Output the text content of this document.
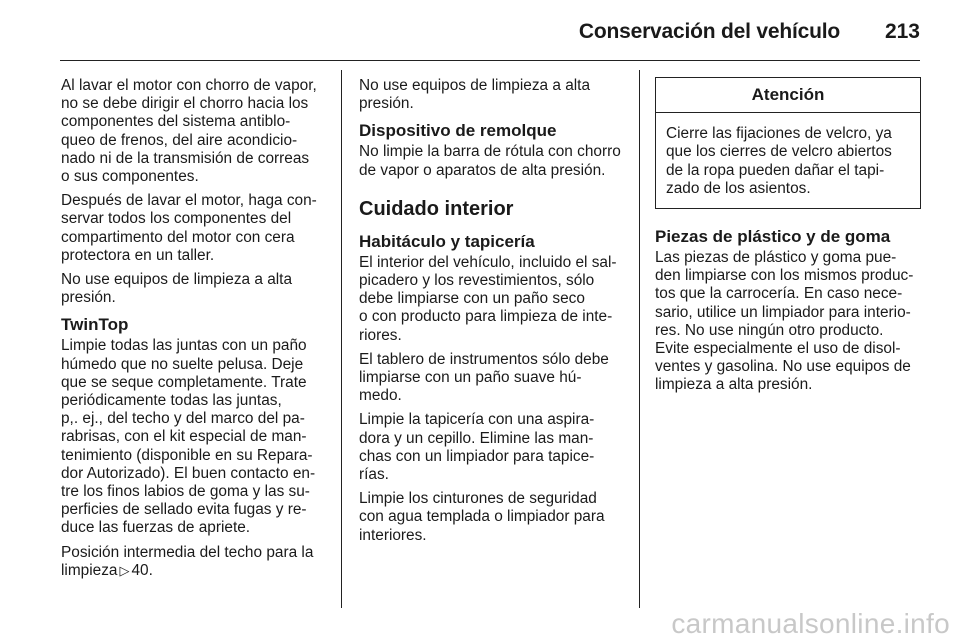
Conservación del vehículo 213

Al lavar el motor con chorro de vapor,
no se debe dirigir el chorro hacia los
componentes del sistema antiblo-
queo de frenos, del aire acondicio-
nado ni de la transmisión de correas
o sus componentes.

Después de lavar el motor, haga con-
servar todos los componentes del
compartimento del motor con cera
protectora en un taller.

No use equipos de limpieza a alta
presión.

TwinTop

Limpie todas las juntas con un paño
húmedo que no suelte pelusa. Deje
que se seque completamente. Trate
periódicamente todas las juntas,
p,. ej., del techo y del marco del pa-
rabrisas, con el kit especial de man-
tenimiento (disponible en su Repara-
dor Autorizado). El buen contacto en-
tre los finos labios de goma y las su-
perficies de sellado evita fugas y re-
duce las fuerzas de apriete.

Posición intermedia del techo para la
limpieza ▷ 40.

No use equipos de limpieza a alta
presión.

Dispositivo de remolque

No limpie la barra de rótula con chorro
de vapor o aparatos de alta presión.

Cuidado interior
Habitáculo y tapicería

El interior del vehículo, incluido el sal-
picadero y los revestimientos, sólo
debe limpiarse con un paño seco
o con producto para limpieza de inte-
riores.

El tablero de instrumentos sólo debe
limpiarse con un paño suave hú-
medo.

Limpie la tapicería con una aspira-
dora y un cepillo. Elimine las man-
chas con un limpiador para tapice-
rías.

Limpie los cinturones de seguridad
con agua templada o limpiador para
interiores.

Atención
Cierre las fijaciones de velcro, ya
que los cierres de velcro abiertos
de la ropa pueden dañar el tapi-
zado de los asientos.
Piezas de plástico y de goma

Las piezas de plástico y goma pue-
den limpiarse con los mismos produc-
tos que la carrocería. En caso nece-
sario, utilice un limpiador para interio-
res. No use ningún otro producto.
Evite especialmente el uso de disol-
ventes y gasolina. No use equipos de
limpieza a alta presión.

carmanualsonline.info
